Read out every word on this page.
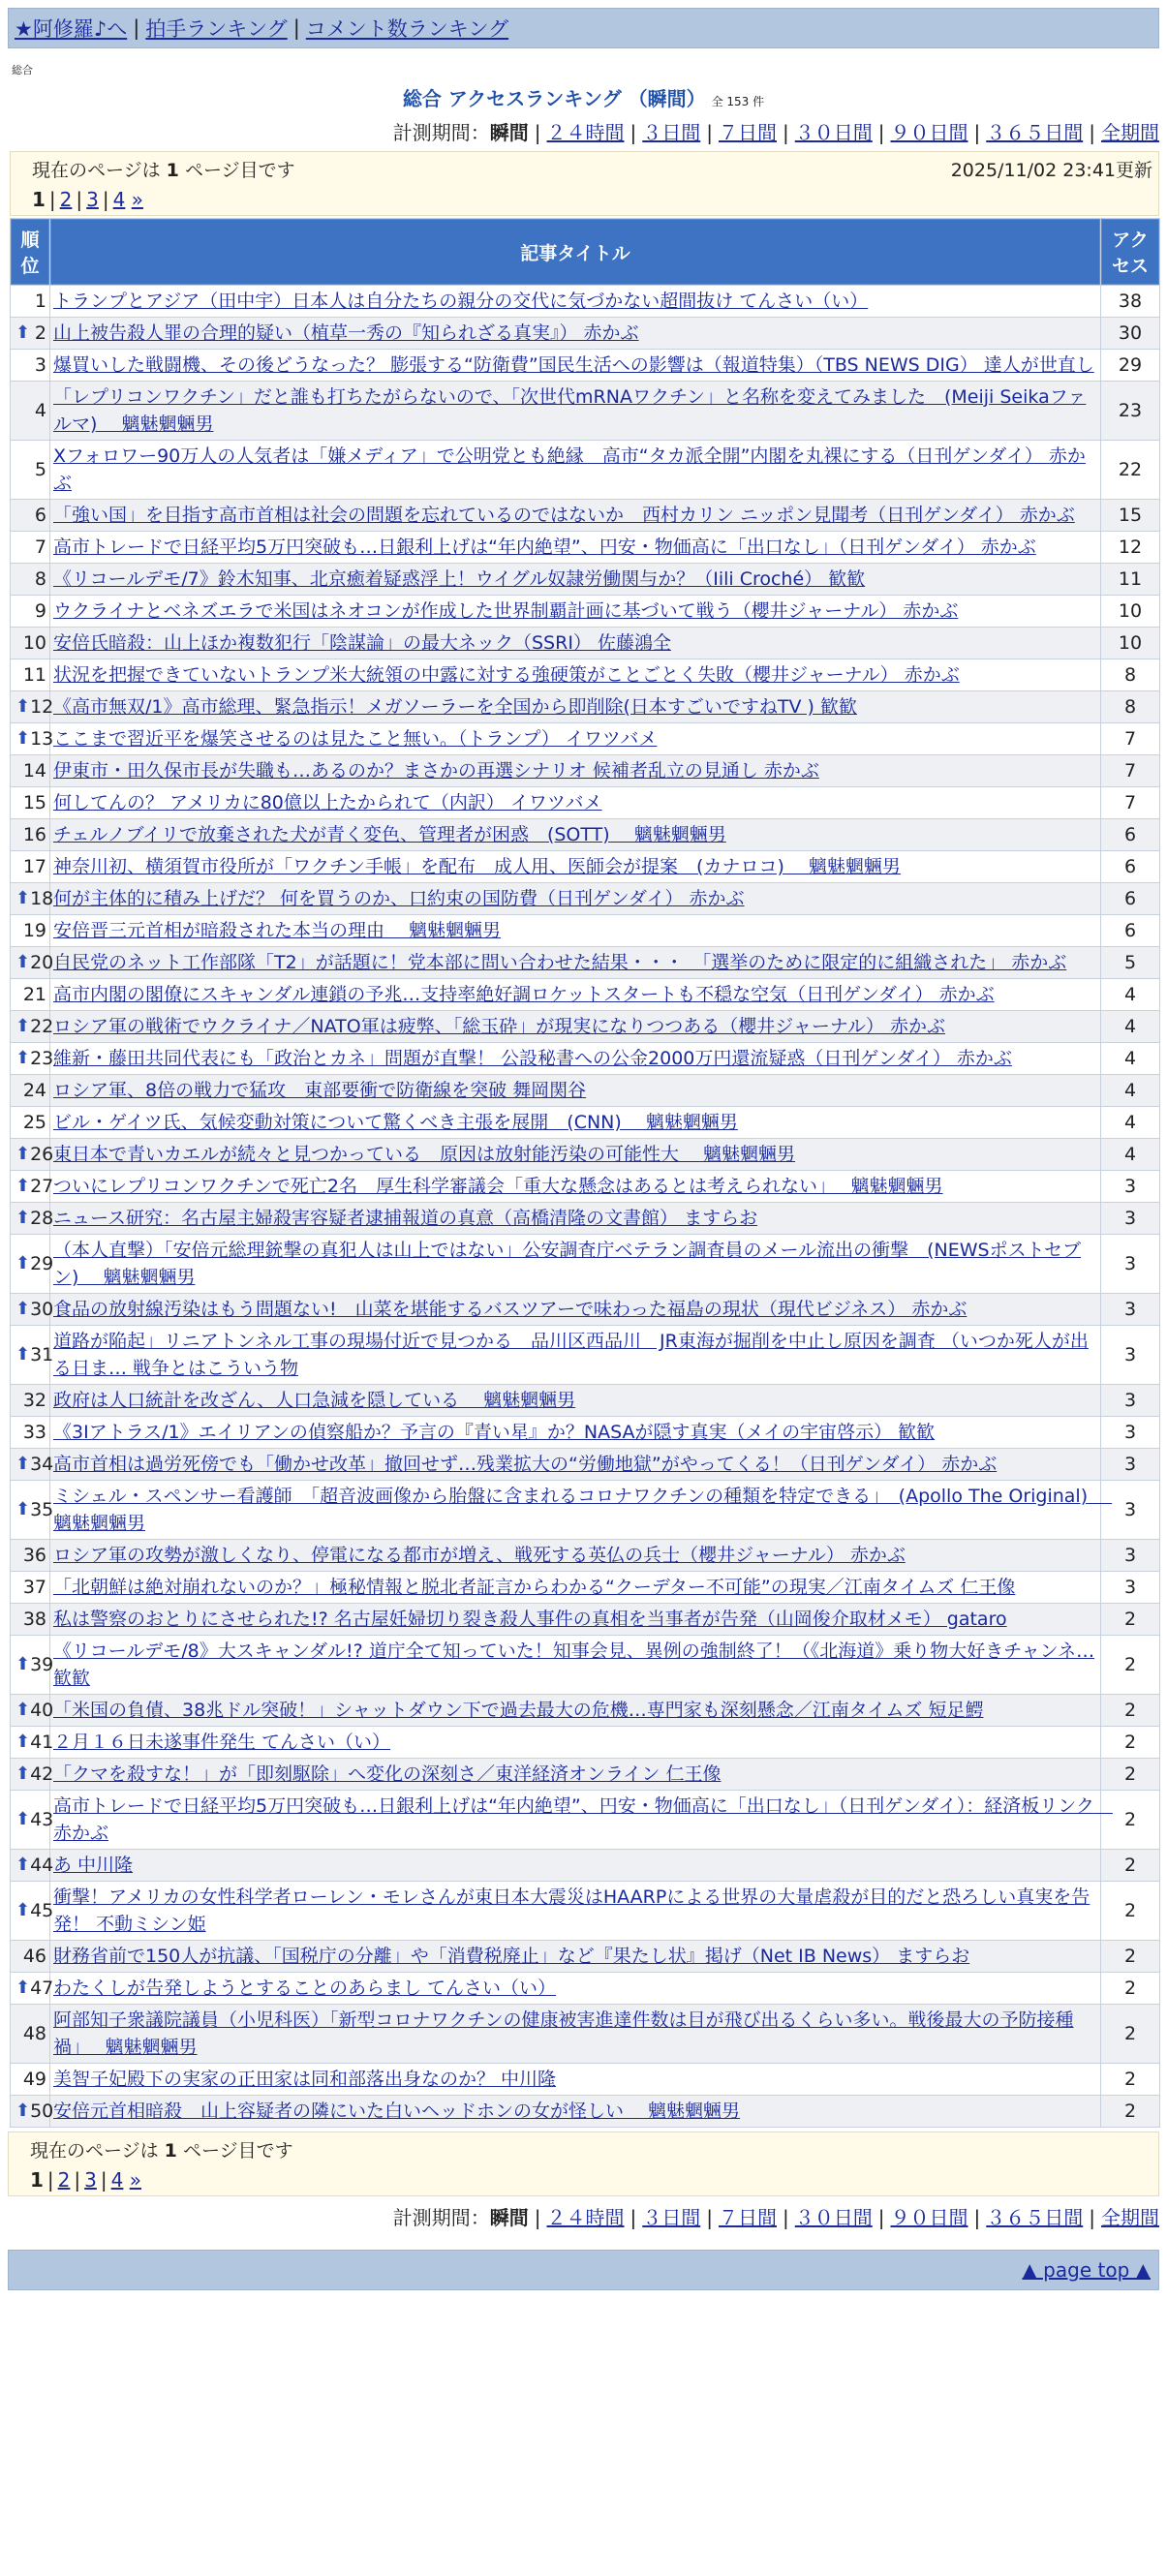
★阿修羅♪へ | 拍手ランキング | コメント数ランキング
総合
総合 アクセスランキング （瞬間） 全 153 件
計測期間：瞬間 | ２４時間 | ３日間 | ７日間 | ３０日間 | ９０日間 | ３６５日間 | 全期間
現在のページは 1 ページ目です	2025/11/02 23:41更新
1 | 2 | 3 | 4 »
順位	記事タイトル	アクセス
1	トランプとアジア（田中宇）日本人は自分たちの親分の交代に気づかない超間抜け てんさい（い）	38

⬆ 2	山上被告殺人罪の合理的疑い（植草一秀の『知られざる真実』） 赤かぶ	30
3	爆買いした戦闘機、その後どうなった？ 膨張する“防衛費”国民生活への影響は（報道特集）（TBS NEWS DIG） 達人が世直し	29
4	「レプリコンワクチン」だと誰も打ちたがらないので、「次世代mRNAワクチン」と名称を変えてみました　(Meiji Seikaファルマ)　 魑魅魍魎男	23
5	Xフォロワー90万人の人気者は「嫌メディア」で公明党とも絶縁　高市“タカ派全開”内閣を丸裸にする（日刊ゲンダイ） 赤かぶ	22
6	「強い国」を目指す高市首相は社会の問題を忘れているのではないか　西村カリン ニッポン見聞考（日刊ゲンダイ） 赤かぶ	15
7	高市トレードで日経平均5万円突破も…日銀利上げは“年内絶望”、円安・物価高に「出口なし」（日刊ゲンダイ） 赤かぶ	12
8	《リコールデモ/7》鈴木知事、北京癒着疑惑浮上！ウイグル奴隷労働関与か？（Iili Croché） 歓歓	11
9	ウクライナとベネズエラで米国はネオコンが作成した世界制覇計画に基づいて戦う（櫻井ジャーナル） 赤かぶ	10
10	安倍氏暗殺：山上ほか複数犯行「陰謀論」の最大ネック（SSRI） 佐藤鴻全	10
11	状況を把握できていないトランプ米大統領の中露に対する強硬策がことごとく失敗（櫻井ジャーナル） 赤かぶ	8

⬆ 12	《高市無双/1》高市総理、緊急指示！メガソーラーを全国から即削除(日本すごいですねTV ) 歓歓	8

⬆ 13	ここまで習近平を爆笑させるのは見たこと無い。（トランプ） イワツバメ	7
14	伊東市・田久保市長が失職も…あるのか？まさかの再選シナリオ 候補者乱立の見通し 赤かぶ	7
15	何してんの？ アメリカに80億以上たかられて（内訳） イワツバメ	7
16	チェルノブイリで放棄された犬が青く変色、管理者が困惑　(SOTT)　 魑魅魍魎男	6
17	神奈川初、横須賀市役所が「ワクチン手帳」を配布　成人用、医師会が提案　(カナロコ)　 魑魅魍魎男	6

⬆ 18	何が主体的に積み上げだ？ 何を買うのか、口約束の国防費（日刊ゲンダイ） 赤かぶ	6
19	安倍晋三元首相が暗殺された本当の理由　 魑魅魍魎男	6

⬆ 20	自民党のネット工作部隊「T2」が話題に！党本部に問い合わせた結果・・・　「選挙のために限定的に組織された」 赤かぶ	5
21	高市内閣の閣僚にスキャンダル連鎖の予兆…支持率絶好調ロケットスタートも不穏な空気（日刊ゲンダイ） 赤かぶ	4

⬆ 22	ロシア軍の戦術でウクライナ／NATO軍は疲弊、「総玉砕」が現実になりつつある（櫻井ジャーナル） 赤かぶ	4

⬆ 23	維新・藤田共同代表にも「政治とカネ」問題が直撃！ 公設秘書への公金2000万円還流疑惑（日刊ゲンダイ） 赤かぶ	4
24	ロシア軍、8倍の戦力で猛攻　東部要衝で防衛線を突破 舞岡関谷	4
25	ビル・ゲイツ氏、気候変動対策について驚くべき主張を展開　(CNN)　 魑魅魍魎男	4

⬆ 26	東日本で青いカエルが続々と見つかっている　原因は放射能汚染の可能性大　 魑魅魍魎男	4

⬆ 27	ついにレプリコンワクチンで死亡2名　厚生科学審議会「重大な懸念はあるとは考えられない」　 魑魅魍魎男	3

⬆ 28	ニュース研究：名古屋主婦殺害容疑者逮捕報道の真意（高橋清隆の文書館） ますらお	3

⬆ 29	（本人直撃）「安倍元総理銃撃の真犯人は山上ではない」公安調査庁ベテラン調査員のメール流出の衝撃　(NEWSポストセブン)　 魑魅魍魎男	3

⬆ 30	食品の放射線汚染はもう問題ない!　山菜を堪能するバスツアーで味わった福島の現状（現代ビジネス） 赤かぶ	3

⬆ 31	道路が陥起」リニアトンネル工事の現場付近で見つかる　品川区西品川　JR東海が掘削を中止し原因を調査 （いつか死人が出る日ま… 戦争とはこういう物	3
32	政府は人口統計を改ざん、人口急減を隠している　 魑魅魍魎男	3
33	《3Iアトラス/1》エイリアンの偵察船か？予言の『青い星』か？NASAが隠す真実（メイの宇宙啓示） 歓歓	3

⬆ 34	高市首相は過労死傍でも「働かせ改革」撤回せず…残業拡大の“労働地獄”がやってくる！（日刊ゲンダイ） 赤かぶ	3

⬆ 35	ミシェル・スペンサー看護師　「超音波画像から胎盤に含まれるコロナワクチンの種類を特定できる」　(Apollo The Original)　 魑魅魍魎男	3
36	ロシア軍の攻勢が激しくなり、停電になる都市が増え、戦死する英仏の兵士（櫻井ジャーナル） 赤かぶ	3
37	「北朝鮮は絶対崩れないのか？」極秘情報と脱北者証言からわかる“クーデター不可能”の現実／江南タイムズ 仁王像	3
38	私は警察のおとりにさせられた!? 名古屋妊婦切り裂き殺人事件の真相を当事者が告発（山岡俊介取材メモ） gataro	2

⬆ 39	《リコールデモ/8》大スキャンダル!? 道庁全て知っていた！知事会見、異例の強制終了！（《北海道》乗り物大好きチャンネ… 歓歓	2

⬆ 40	「米国の負債、38兆ドル突破！」シャットダウン下で過去最大の危機…専門家も深刻懸念／江南タイムズ 短足鰐	2

⬆ 41	２月１６日未遂事件発生 てんさい（い）	2

⬆ 42	「クマを殺すな！」が「即刻駆除」へ変化の深刻さ／東洋経済オンライン 仁王像	2

⬆ 43	高市トレードで日経平均5万円突破も…日銀利上げは“年内絶望”、円安・物価高に「出口なし」（日刊ゲンダイ）：経済板リンク　赤かぶ	2

⬆ 44	あ 中川隆	2

⬆ 45	衝撃！アメリカの女性科学者ローレン・モレさんが東日本大震災はHAARPによる世界の大量虐殺が目的だと恐ろしい真実を告発！ 不動ミシン姫	2
46	財務省前で150人が抗議、「国税庁の分離」や「消費税廃止」など『果たし状』掲げ（Net IB News） ますらお	2

⬆ 47	わたくしが告発しようとすることのあらまし てんさい（い）	2
48	阿部知子衆議院議員（小児科医）「新型コロナワクチンの健康被害進達件数は目が飛び出るくらい多い。戦後最大の予防接種禍」　 魑魅魍魎男	2
49	美智子妃殿下の実家の正田家は同和部落出身なのか？ 中川隆	2

⬆ 50	安倍元首相暗殺　山上容疑者の隣にいた白いヘッドホンの女が怪しい　 魑魅魍魎男	2
現在のページは 1 ページ目です
1 | 2 | 3 | 4 »
計測期間：瞬間 | ２４時間 | ３日間 | ７日間 | ３０日間 | ９０日間 | ３６５日間 | 全期間
▲ page top ▲
